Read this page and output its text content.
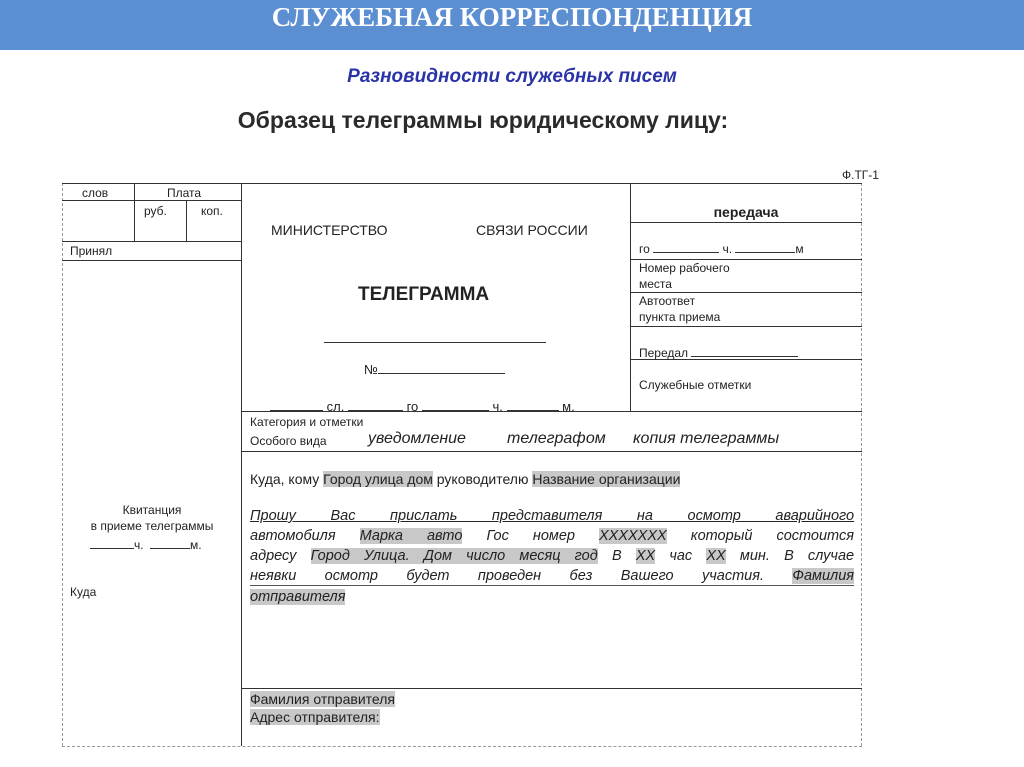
СЛУЖЕБНАЯ КОРРЕСПОНДЕНЦИЯ
Разновидности служебных писем
Образец телеграммы юридическому лицу:
Ф.ТГ-1
слов	Плата
руб.	коп.
Принял
Квитанция
в приеме телеграммы
ч.	м.
Куда
МИНИСТЕРСТВО	СВЯЗИ РОССИИ
ТЕЛЕГРАММА
№
сл.	го	ч.	м.
передача
го	ч.	м
Номер рабочего
места
Автоответ
пункта приема
Передал
Служебные отметки
Категория и отметки
Особого вида	уведомление	телеграфом копия телеграммы
Куда, кому Город улица дом руководителю Название организации
Прошу Вас прислать представителя на осмотр аварийного
автомобиля Марка авто Гос номер ХХХХХХХ который состоится
адресу Город Улица. Дом число месяц год В ХХ час ХХ мин. В случае
неявки осмотр будет проведен без Вашего участия. Фамилия
отправителя
Фамилия отправителя
Адрес отправителя:
